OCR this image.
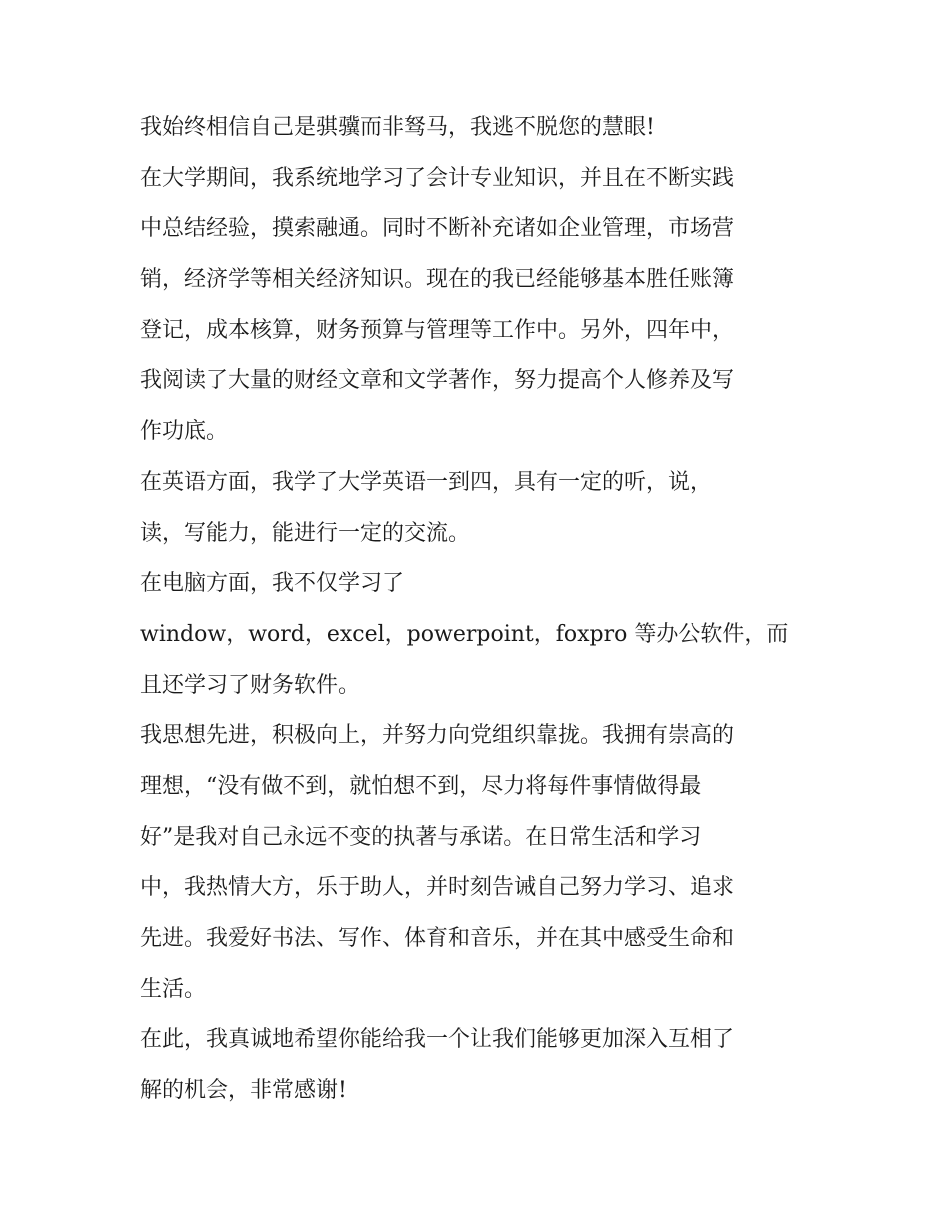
我始终相信自己是骐骥而非驽马，我逃不脱您的慧眼!
在大学期间，我系统地学习了会计专业知识，并且在不断实践
中总结经验，摸索融通。同时不断补充诸如企业管理，市场营
销，经济学等相关经济知识。现在的我已经能够基本胜任账簿
登记，成本核算，财务预算与管理等工作中。另外，四年中，
我阅读了大量的财经文章和文学著作，努力提高个人修养及写
作功底。
在英语方面，我学了大学英语一到四，具有一定的听，说，
读，写能力，能进行一定的交流。
在电脑方面，我不仅学习了
window，word，excel，powerpoint，foxpro 等办公软件，而
且还学习了财务软件。
我思想先进，积极向上，并努力向党组织靠拢。我拥有崇高的
理想，“没有做不到，就怕想不到，尽力将每件事情做得最
好”是我对自己永远不变的执著与承诺。在日常生活和学习
中，我热情大方，乐于助人，并时刻告诫自己努力学习、追求
先进。我爱好书法、写作、体育和音乐，并在其中感受生命和
生活。
在此，我真诚地希望你能给我一个让我们能够更加深入互相了
解的机会，非常感谢!
